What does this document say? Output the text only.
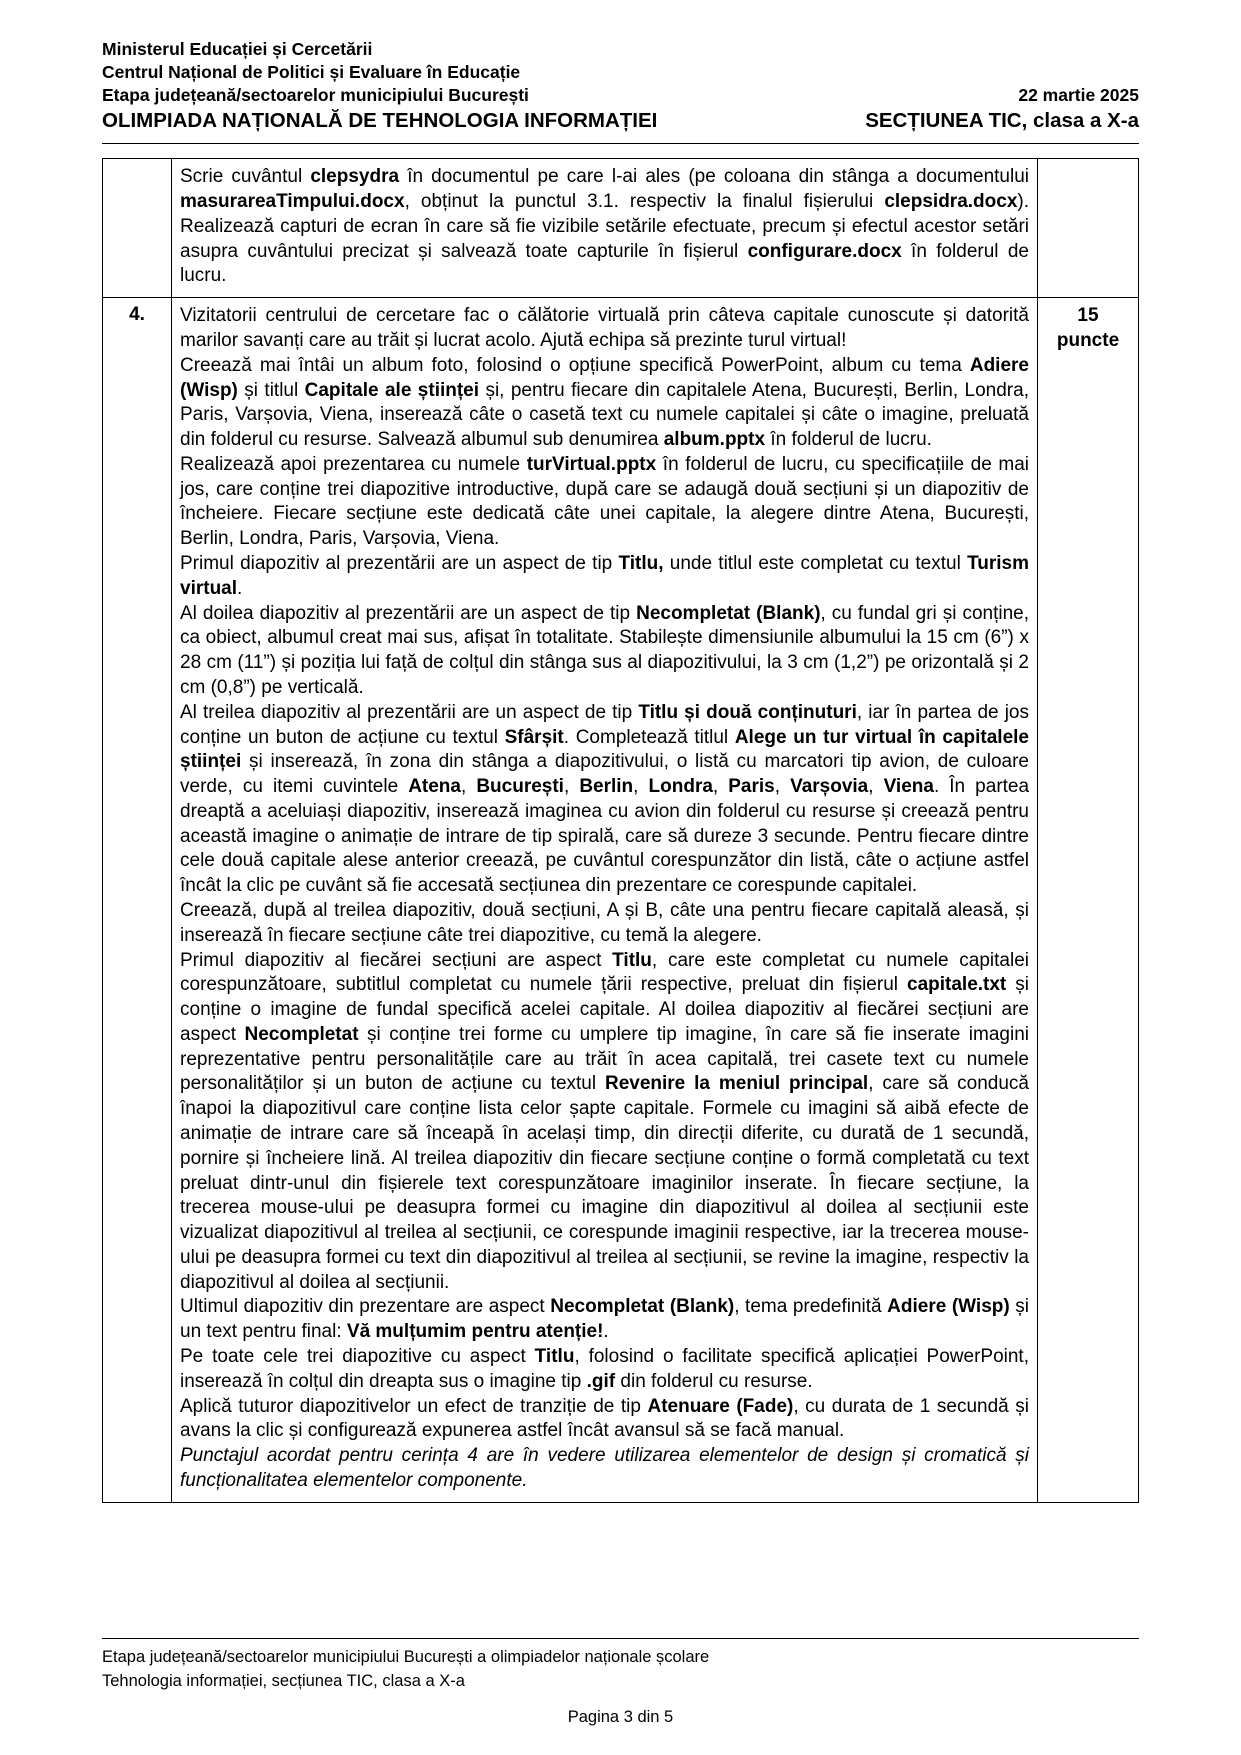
Ministerul Educației și Cercetării
Centrul Național de Politici și Evaluare în Educație
Etapa județeană/sectoarelor municipiului București	22 martie 2025
OLIMPIADA NAȚIONALĂ DE TEHNOLOGIA INFORMAȚIEI	SECȚIUNEA TIC, clasa a X-a

	Scrie cuvântul clepsydra în documentul pe care l-ai ales (pe coloana din stânga a documentului masurareaTimpului.docx, obținut la punctul 3.1. respectiv la finalul fișierului clepsidra.docx). Realizează capturi de ecran în care să fie vizibile setările efectuate, precum și efectul acestor setări asupra cuvântului precizat și salvează toate capturile în fișierul configurare.docx în folderul de lucru.	

4.	Vizitatorii centrului de cercetare fac o călătorie virtuală prin câteva capitale cunoscute și datorită marilor savanți care au trăit și lucrat acolo. Ajută echipa să prezinte turul virtual!

Creează mai întâi un album foto, folosind o opțiune specifică PowerPoint, album cu tema Adiere (Wisp) și titlul Capitale ale științei și, pentru fiecare din capitalele Atena, București, Berlin, Londra, Paris, Varșovia, Viena, inserează câte o casetă text cu numele capitalei și câte o imagine, preluată din folderul cu resurse. Salvează albumul sub denumirea album.pptx în folderul de lucru.

Realizează apoi prezentarea cu numele turVirtual.pptx în folderul de lucru, cu specificațiile de mai jos, care conține trei diapozitive introductive, după care se adaugă două secțiuni și un diapozitiv de încheiere. Fiecare secțiune este dedicată câte unei capitale, la alegere dintre Atena, București, Berlin, Londra, Paris, Varșovia, Viena.

Primul diapozitiv al prezentării are un aspect de tip Titlu, unde titlul este completat cu textul Turism virtual.

Al doilea diapozitiv al prezentării are un aspect de tip Necompletat (Blank), cu fundal gri și conține, ca obiect, albumul creat mai sus, afișat în totalitate. Stabilește dimensiunile albumului la 15 cm (6”) x 28 cm (11”) și poziția lui față de colțul din stânga sus al diapozitivului, la 3 cm (1,2”) pe orizontală și 2 cm (0,8”) pe verticală.

Al treilea diapozitiv al prezentării are un aspect de tip Titlu și două conținuturi, iar în partea de jos conține un buton de acțiune cu textul Sfârșit. Completează titlul Alege un tur virtual în capitalele științei și inserează, în zona din stânga a diapozitivului, o listă cu marcatori tip avion, de culoare verde, cu itemi cuvintele Atena, București, Berlin, Londra, Paris, Varșovia, Viena. În partea dreaptă a aceluiași diapozitiv, inserează imaginea cu avion din folderul cu resurse și creează pentru această imagine o animație de intrare de tip spirală, care să dureze 3 secunde. Pentru fiecare dintre cele două capitale alese anterior creează, pe cuvântul corespunzător din listă, câte o acțiune astfel încât la clic pe cuvânt să fie accesată secțiunea din prezentare ce corespunde capitalei.

Creează, după al treilea diapozitiv, două secțiuni, A și B, câte una pentru fiecare capitală aleasă, și inserează în fiecare secțiune câte trei diapozitive, cu temă la alegere.

Primul diapozitiv al fiecărei secțiuni are aspect Titlu, care este completat cu numele capitalei corespunzătoare, subtitlul completat cu numele țării respective, preluat din fișierul capitale.txt și conține o imagine de fundal specifică acelei capitale. Al doilea diapozitiv al fiecărei secțiuni are aspect Necompletat și conține trei forme cu umplere tip imagine, în care să fie inserate imagini reprezentative pentru personalitățile care au trăit în acea capitală, trei casete text cu numele personalităților și un buton de acțiune cu textul Revenire la meniul principal, care să conducă înapoi la diapozitivul care conține lista celor șapte capitale. Formele cu imagini să aibă efecte de animație de intrare care să înceapă în același timp, din direcții diferite, cu durată de 1 secundă, pornire și încheiere lină. Al treilea diapozitiv din fiecare secțiune conține o formă completată cu text preluat dintr-unul din fișierele text corespunzătoare imaginilor inserate. În fiecare secțiune, la trecerea mouse-ului pe deasupra formei cu imagine din diapozitivul al doilea al secțiunii este vizualizat diapozitivul al treilea al secțiunii, ce corespunde imaginii respective, iar la trecerea mouse-ului pe deasupra formei cu text din diapozitivul al treilea al secțiunii, se revine la imagine, respectiv la diapozitivul al doilea al secțiunii.

Ultimul diapozitiv din prezentare are aspect Necompletat (Blank), tema predefinită Adiere (Wisp) și un text pentru final: Vă mulțumim pentru atenție!.

Pe toate cele trei diapozitive cu aspect Titlu, folosind o facilitate specifică aplicației PowerPoint, inserează în colțul din dreapta sus o imagine tip .gif din folderul cu resurse.

Aplică tuturor diapozitivelor un efect de tranziție de tip Atenuare (Fade), cu durata de 1 secundă și avans la clic și configurează expunerea astfel încât avansul să se facă manual.

Punctajul acordat pentru cerința 4 are în vedere utilizarea elementelor de design și cromatică și funcționalitatea elementelor componente.

	15
puncte
Etapa județeană/sectoarelor municipiului București a olimpiadelor naționale școlare
Tehnologia informației, secțiunea TIC, clasa a X-a
Pagina 3 din 5
